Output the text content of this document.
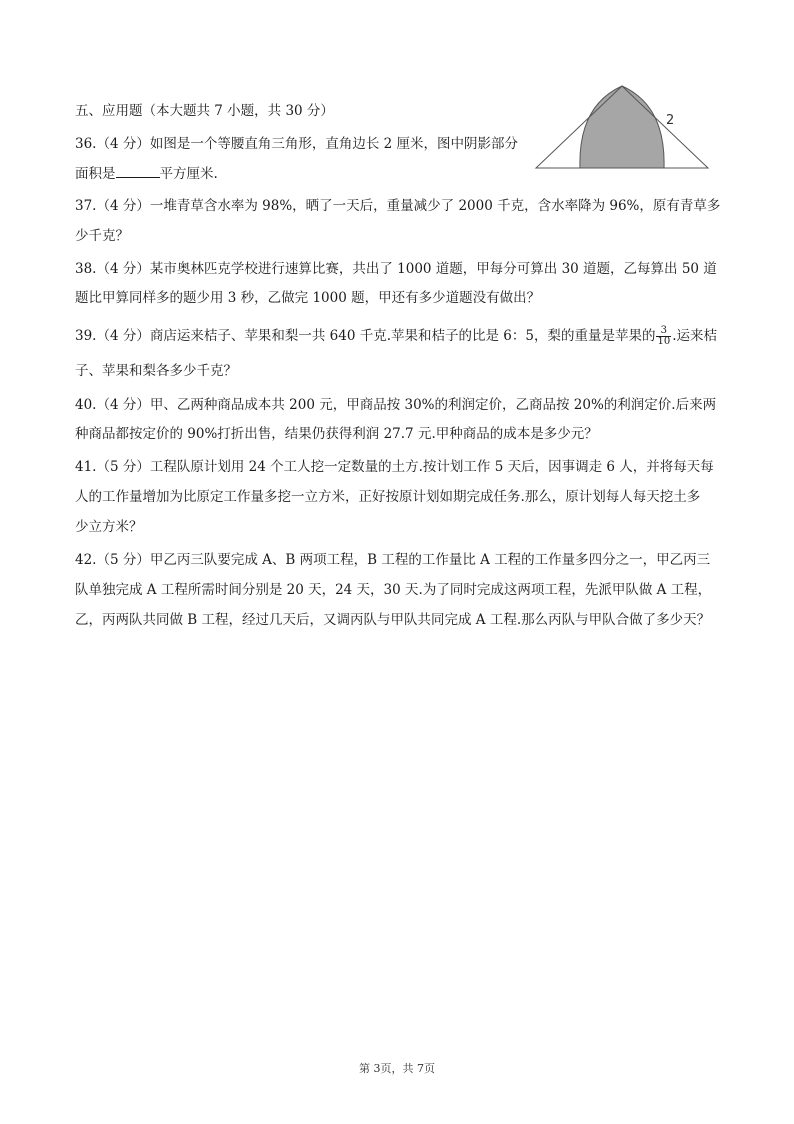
五、应用题（本大题共 7 小题，共 30 分）
36.（4 分）如图是一个等腰直角三角形，直角边长 2 厘米，图中阴影部分
面积是	平方厘米.
2
37.（4 分）一堆青草含水率为 98%，晒了一天后，重量减少了 2000 千克，含水率降为 96%，原有青草多
少千克？
38.（4 分）某市奥林匹克学校进行速算比赛，共出了 1000 道题，甲每分可算出 30 道题，乙每算出 50 道
题比甲算同样多的题少用 3 秒，乙做完 1000 题，甲还有多少道题没有做出？
39.（4 分）商店运来桔子、苹果和梨一共 640 千克.苹果和桔子的比是 6：5，梨的重量是苹果的 $\frac{3}{10}$ .运来桔
子、苹果和梨各多少千克？
40.（4 分）甲、乙两种商品成本共 200 元，甲商品按 30%的利润定价，乙商品按 20%的利润定价.后来两
种商品都按定价的 90%打折出售，结果仍获得利润 27.7 元.甲种商品的成本是多少元？
41.（5 分）工程队原计划用 24 个工人挖一定数量的土方.按计划工作 5 天后，因事调走 6 人，并将每天每
人的工作量增加为比原定工作量多挖一立方米，正好按原计划如期完成任务.那么，原计划每人每天挖土多
少立方米？
42.（5 分）甲乙丙三队要完成 A、B 两项工程，B 工程的工作量比 A 工程的工作量多四分之一，甲乙丙三
队单独完成 A 工程所需时间分别是 20 天，24 天，30 天.为了同时完成这两项工程，先派甲队做 A 工程，
乙，丙两队共同做 B 工程，经过几天后，又调丙队与甲队共同完成 A 工程.那么丙队与甲队合做了多少天？
第 3页，共 7页
